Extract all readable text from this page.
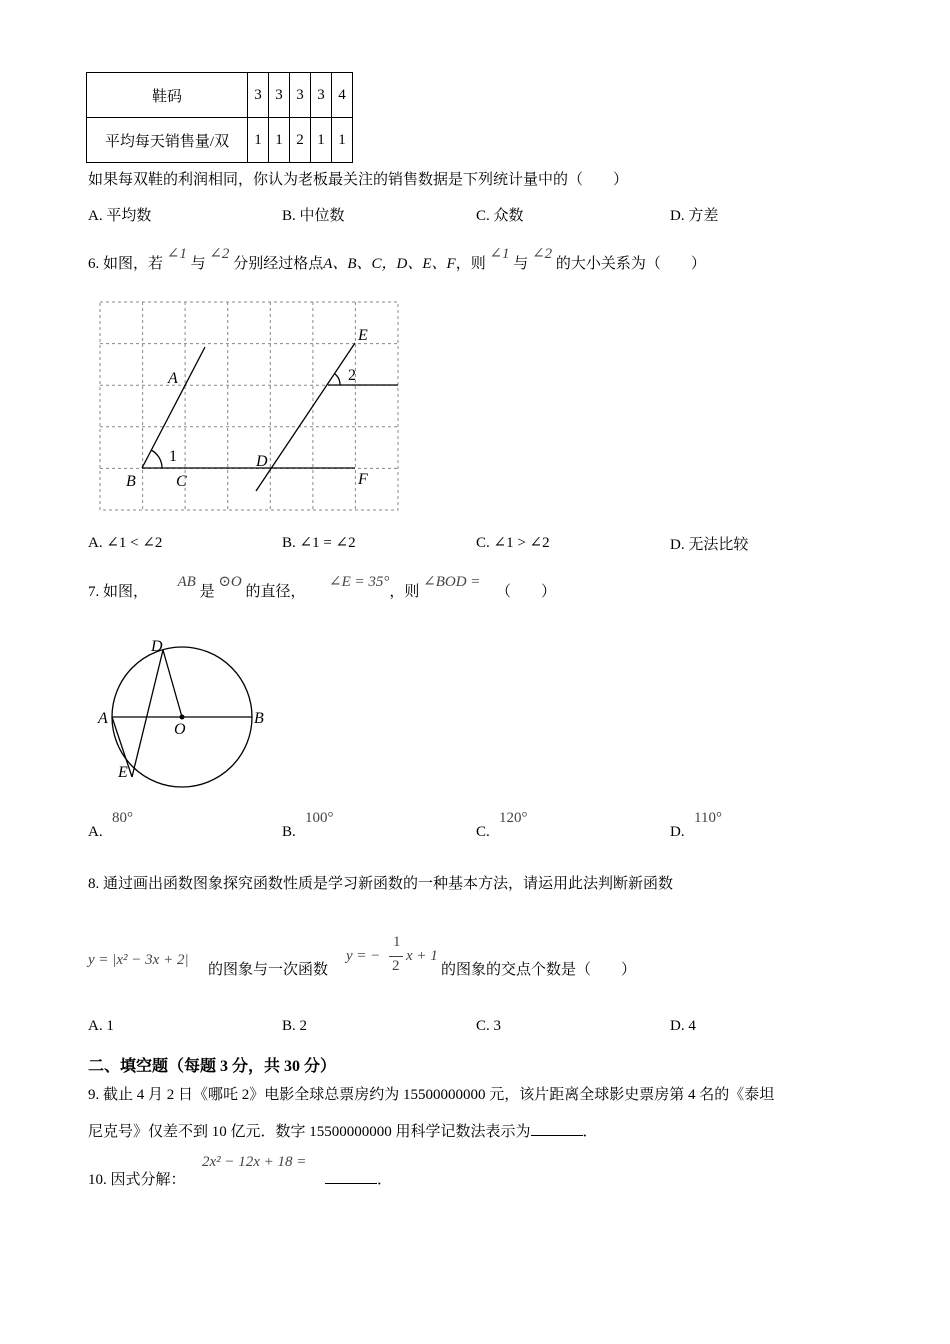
鞋码	3	3	3	3	4
平均每天销售量/双	1	1	2	1	1
如果每双鞋的利润相同，你认为老板最关注的销售数据是下列统计量中的（　　）
A. 平均数	B. 中位数	C. 众数	D. 方差
6. 如图，若 ∠1 与 ∠2 分别经过格点A、B、C，D、E、F，则 ∠1 与 ∠2 的大小关系为（　　）
A
B	C
D
E
F
1
2
A. ∠1 < ∠2	B. ∠1 = ∠2	C. ∠1 > ∠2	D. 无法比较
7. 如图，  AB 是 ⊙O 的直径，  ∠E = 35°，则 ∠BOD =  （　　）
A	B
D
E
O
A.
80°
B.
100°
C.
120°
D.
110°
8. 通过画出函数图象探究函数性质是学习新函数的一种基本方法，请运用此法判断新函数
y = |x² − 3x + 2|
的图象与一次函数
y = −
1
2
x + 1
的图象的交点个数是（　　）
A. 1	B. 2	C. 3	D. 4
二、填空题（每题 3 分，共 30 分）
9. 截止 4 月 2 日《哪吒 2》电影全球总票房约为 15500000000 元，该片距离全球影史票房第 4 名的《泰坦
尼克号》仅差不到 10 亿元．数字 15500000000 用科学记数法表示为	．
10. 因式分解：
2x² − 12x + 18 =
．
